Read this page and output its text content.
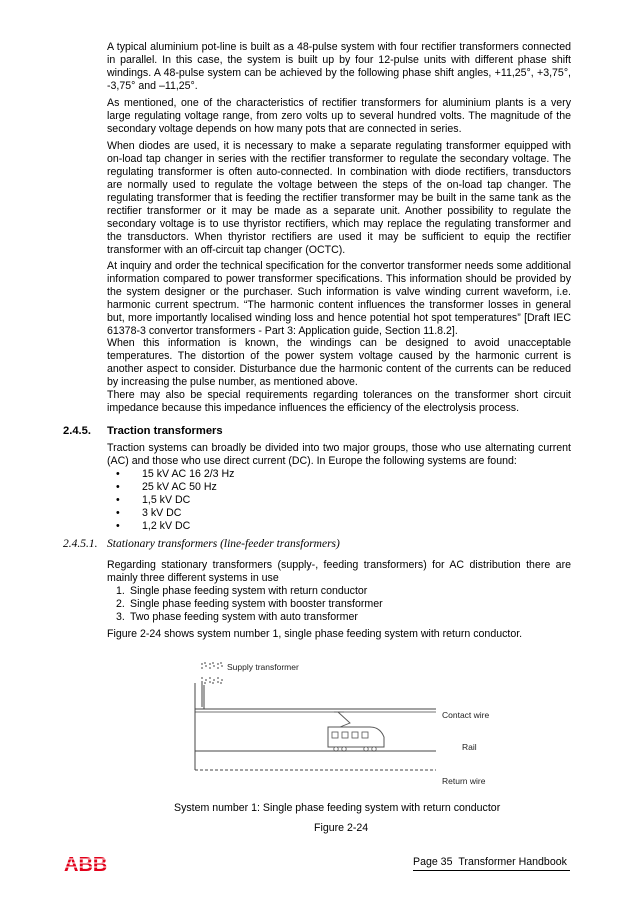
A typical aluminium pot-line is built as a 48-pulse system with four rectifier transformers connected in parallel. In this case, the system is built up by four 12-pulse units with different phase shift windings. A 48-pulse system can be achieved by the following phase shift angles, +11,25°, +3,75°, -3,75° and –11,25°.

As mentioned, one of the characteristics of rectifier transformers for aluminium plants is a very large regulating voltage range, from zero volts up to several hundred volts. The magnitude of the secondary voltage depends on how many pots that are connected in series.

When diodes are used, it is necessary to make a separate regulating transformer equipped with on-load tap changer in series with the rectifier transformer to regulate the secondary voltage. The regulating transformer is often auto-connected. In combination with diode rectifiers, transductors are normally used to regulate the voltage between the steps of the on-load tap changer. The regulating transformer that is feeding the rectifier transformer may be built in the same tank as the rectifier transformer or it may be made as a separate unit. Another possibility to regulate the secondary voltage is to use thyristor rectifiers, which may replace the regulating transformer and the transductors. When thyristor rectifiers are used it may be sufficient to equip the rectifier transformer with an off-circuit tap changer (OCTC).

At inquiry and order the technical specification for the convertor transformer needs some additional information compared to power transformer specifications. This information should be provided by the system designer or the purchaser. Such information is valve winding current waveform, i.e. harmonic current spectrum. “The harmonic content influences the transformer losses in general but, more importantly localised winding loss and hence potential hot spot temperatures” [Draft IEC 61378-3 convertor transformers - Part 3: Application guide, Section 11.8.2].

When this information is known, the windings can be designed to avoid unacceptable temperatures. The distortion of the power system voltage caused by the harmonic current is another aspect to consider. Disturbance due the harmonic content of the currents can be reduced by increasing the pulse number, as mentioned above.

There may also be special requirements regarding tolerances on the transformer short circuit impedance because this impedance influences the efficiency of the electrolysis process.

2.4.5. Traction transformers

Traction systems can broadly be divided into two major groups, those who use alternating current (AC) and those who use direct current (DC). In Europe the following systems are found:

• 15 kV AC 16 2/3 Hz
• 25 kV AC 50 Hz
• 1,5 kV DC
• 3 kV DC
• 1,2 kV DC
2.4.5.1. Stationary transformers (line-feeder transformers)

Regarding stationary transformers (supply-, feeding transformers) for AC distribution there are mainly three different systems in use

1. Single phase feeding system with return conductor
2. Single phase feeding system with booster transformer
3. Two phase feeding system with auto transformer

Figure 2-24 shows system number 1, single phase feeding system with return conductor.

Supply transformer
Contact wire
Rail
Return wire
System number 1: Single phase feeding system with return conductor
Figure 2-24
ABB	Page 35 Transformer Handbook
